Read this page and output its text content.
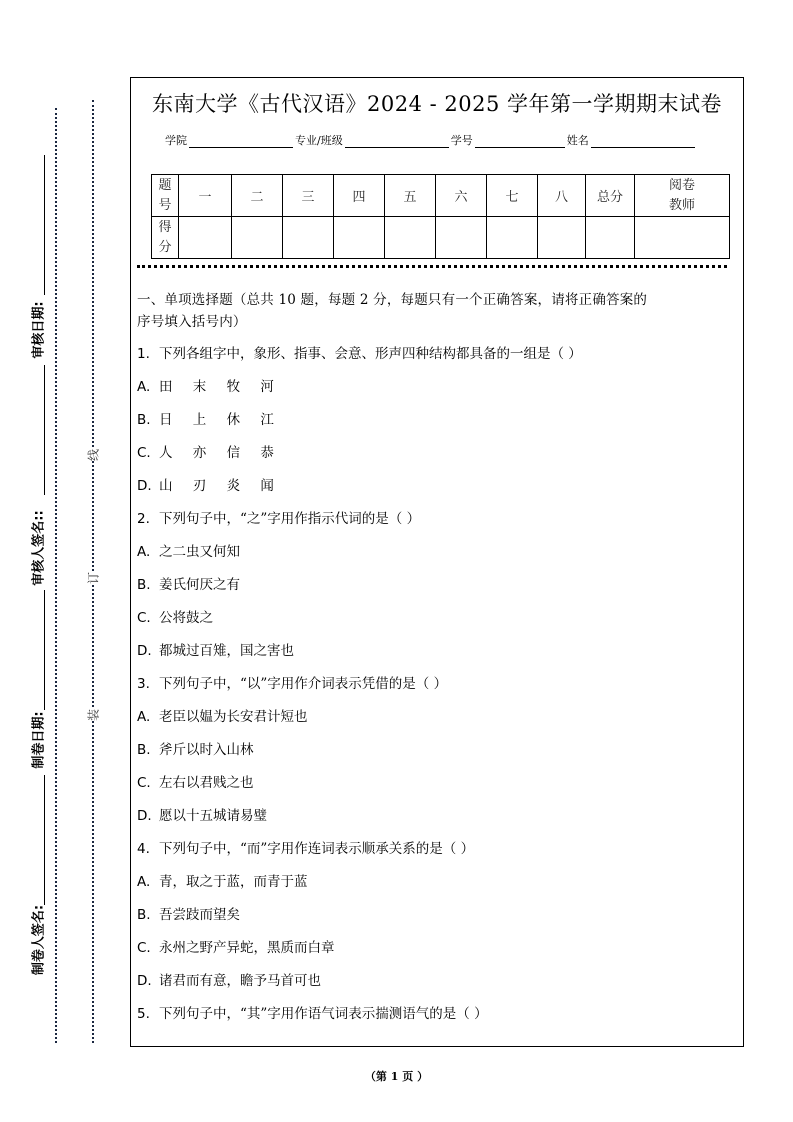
审核日期:
审核人签名::
制卷日期:
制卷人签名:
线
订
装
东南大学《古代汉语》2024 - 2025 学年第一学期期末试卷
学院	专业/班级	学号	姓名
题
号	一	二	三	四	五	六	七	八	总分	阅卷
教师
得
分										
一、单项选择题（总共 10 题，每题 2 分，每题只有一个正确答案，请将正确答案的
序号填入括号内）
1. 下列各组字中，象形、指事、会意、形声四种结构都具备的一组是（ ）
A. 田 末 牧 河
B. 日 上 休 江
C. 人 亦 信 恭
D. 山 刃 炎 闻
2. 下列句子中，“之”字用作指示代词的是（ ）
A. 之二虫又何知
B. 姜氏何厌之有
C. 公将鼓之
D. 都城过百雉，国之害也
3. 下列句子中，“以”字用作介词表示凭借的是（ ）
A. 老臣以媪为长安君计短也
B. 斧斤以时入山林
C. 左右以君贱之也
D. 愿以十五城请易璧
4. 下列句子中，“而”字用作连词表示顺承关系的是（ ）
A. 青，取之于蓝，而青于蓝
B. 吾尝跂而望矣
C. 永州之野产异蛇，黑质而白章
D. 诸君而有意，瞻予马首可也
5. 下列句子中，“其”字用作语气词表示揣测语气的是（ ）
（第 1 页 ）
